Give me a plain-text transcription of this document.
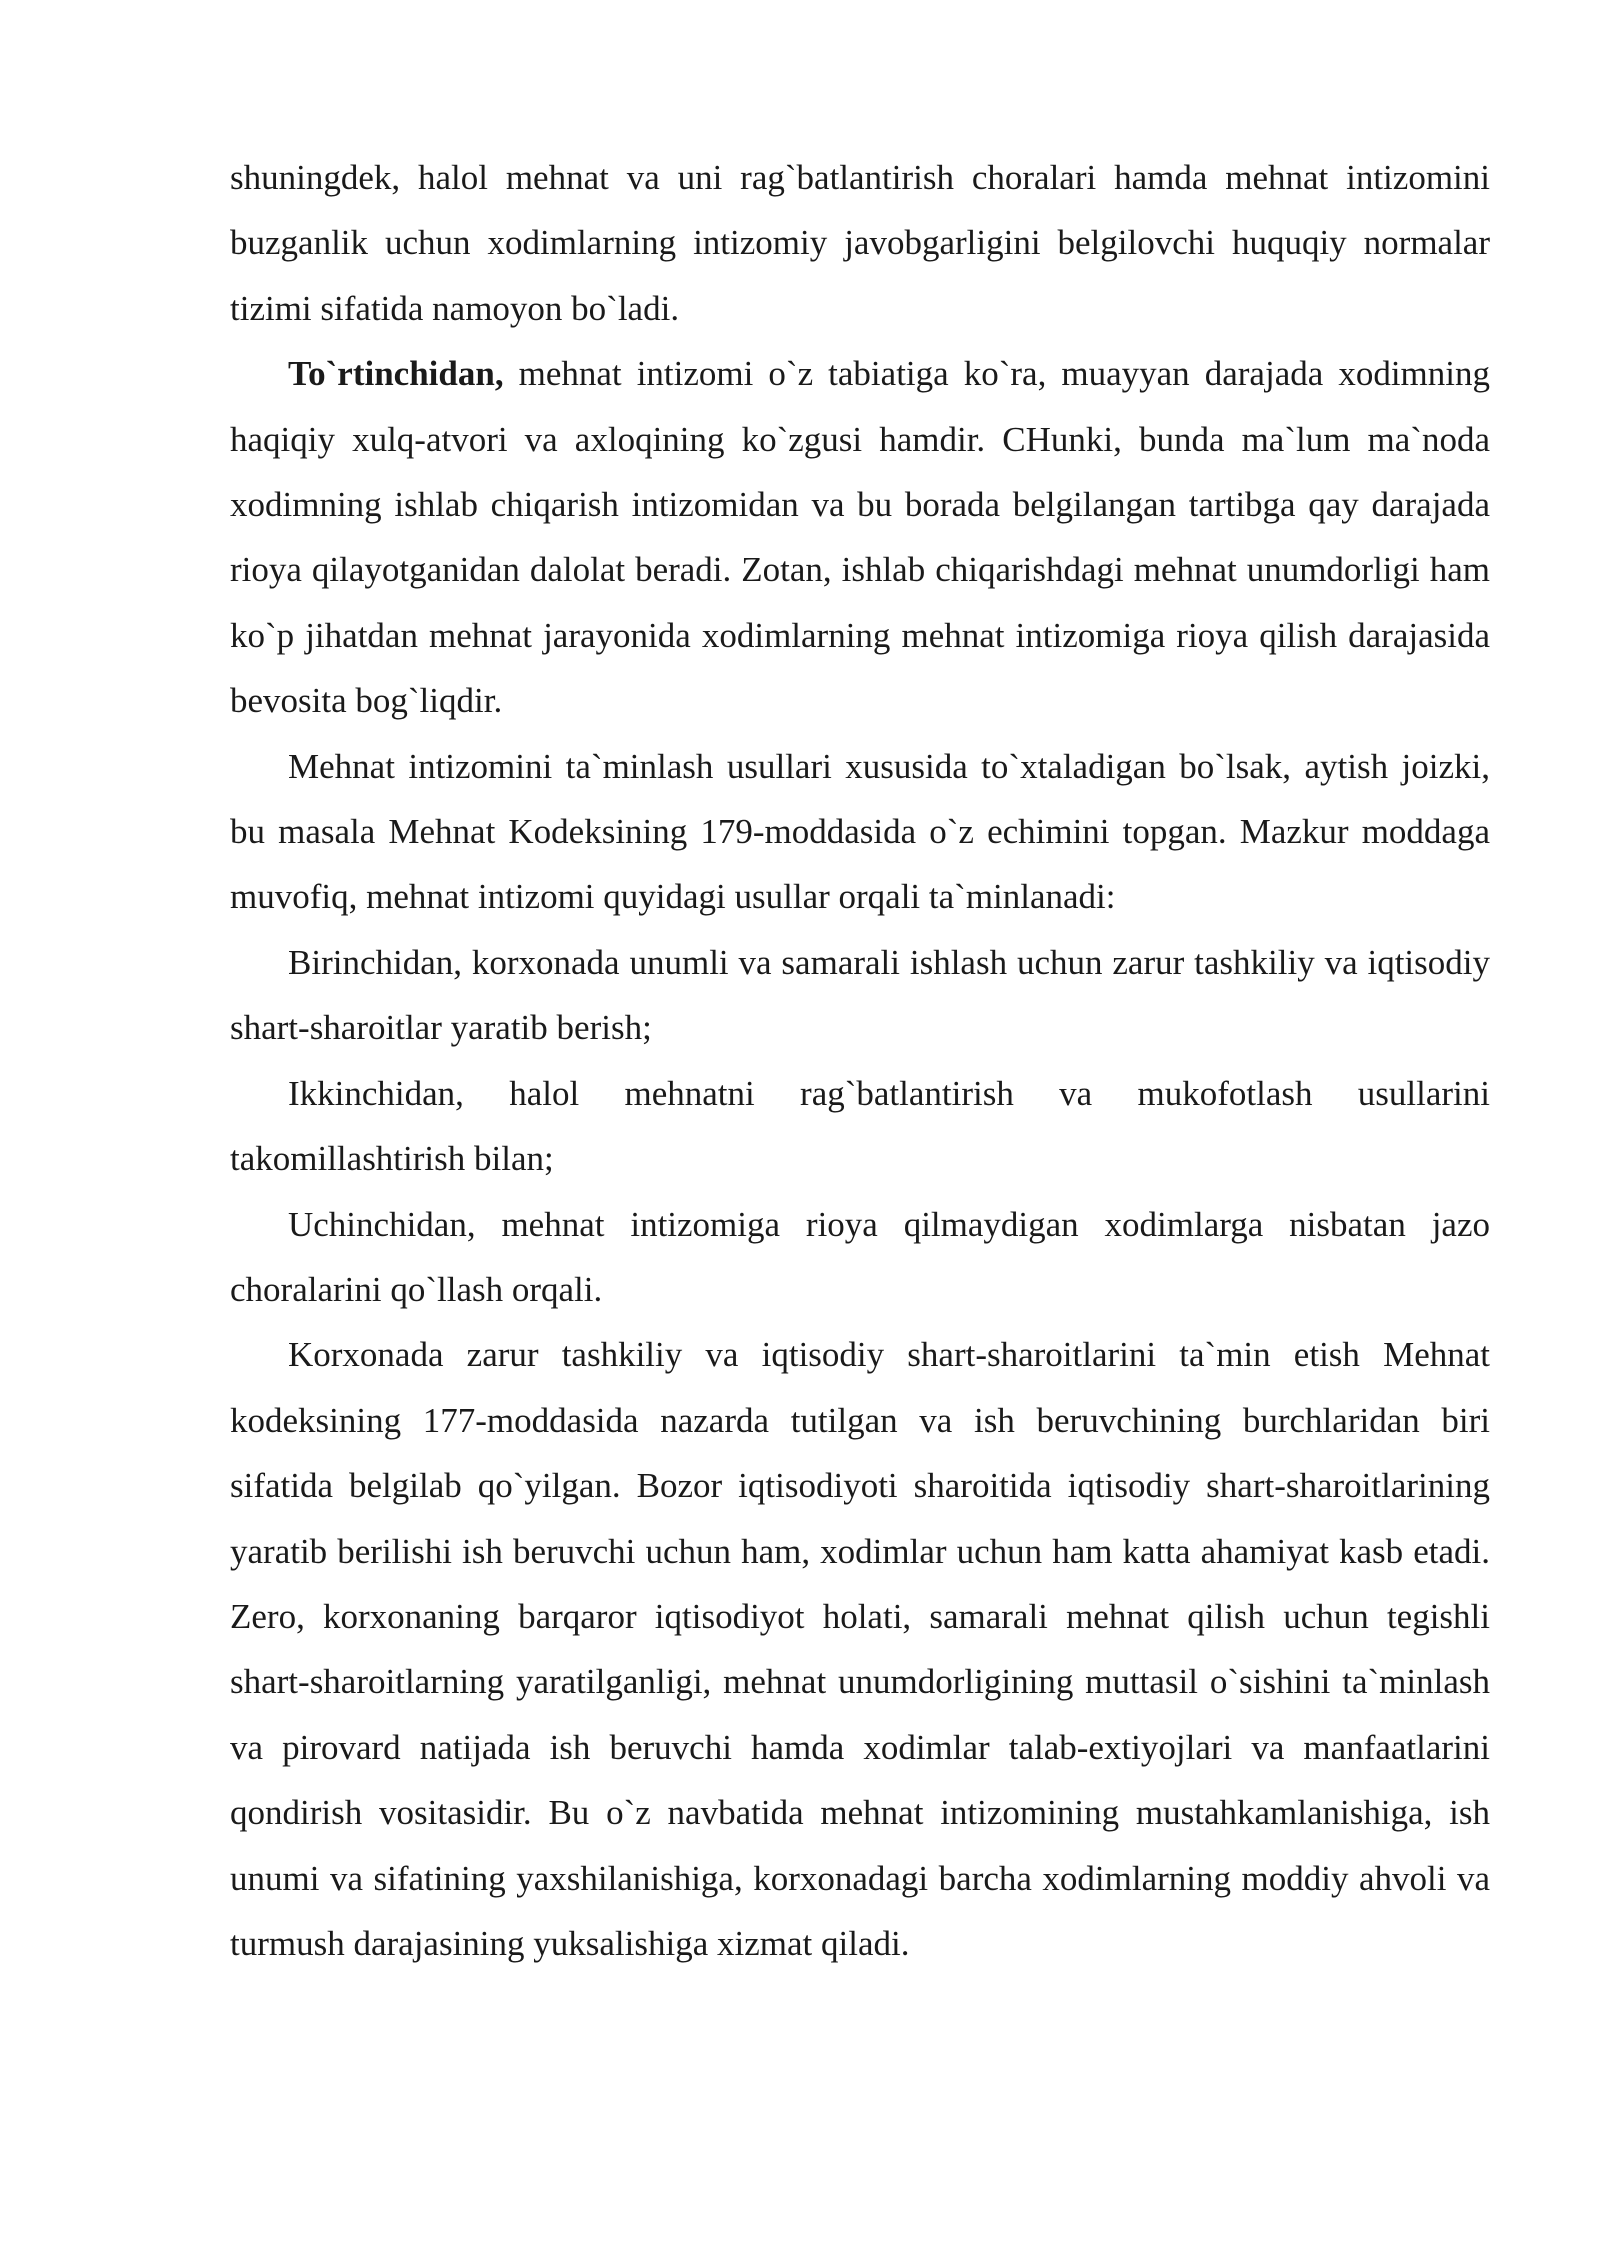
shuningdek, halol mehnat va uni rag`batlantirish choralari hamda mehnat intizomini buzganlik uchun xodimlarning intizomiy javobgarligini belgilovchi huquqiy normalar tizimi sifatida namoyon bo`ladi.

To`rtinchidan, mehnat intizomi o`z tabiatiga ko`ra, muayyan darajada xodimning haqiqiy xulq-atvori va axloqining ko`zgusi hamdir. CHunki, bunda ma`lum ma`noda xodimning ishlab chiqarish intizomidan va bu borada belgilangan tartibga qay darajada rioya qilayotganidan dalolat beradi. Zotan, ishlab chiqarishdagi mehnat unumdorligi ham ko`p jihatdan mehnat jarayonida xodimlarning mehnat intizomiga rioya qilish darajasida bevosita bog`liqdir.

Mehnat intizomini ta`minlash usullari xususida to`xtaladigan bo`lsak, aytish joizki, bu masala Mehnat Kodeksining 179-moddasida o`z echimini topgan. Mazkur moddaga muvofiq, mehnat intizomi quyidagi usullar orqali ta`minlanadi:

Birinchidan, korxonada unumli va samarali ishlash uchun zarur tashkiliy va iqtisodiy shart-sharoitlar yaratib berish;

Ikkinchidan, halol mehnatni rag`batlantirish va mukofotlash usullarini takomillashtirish bilan;

Uchinchidan, mehnat intizomiga rioya qilmaydigan xodimlarga nisbatan jazo choralarini qo`llash orqali.

Korxonada zarur tashkiliy va iqtisodiy shart-sharoitlarini ta`min etish Mehnat kodeksining 177-moddasida nazarda tutilgan va ish beruvchining burchlaridan biri sifatida belgilab qo`yilgan. Bozor iqtisodiyoti sharoitida iqtisodiy shart-sharoitlarining yaratib berilishi ish beruvchi uchun ham, xodimlar uchun ham katta ahamiyat kasb etadi. Zero, korxonaning barqaror iqtisodiyot holati, samarali mehnat qilish uchun tegishli shart-sharoitlarning yaratilganligi, mehnat unumdorligining muttasil o`sishini ta`minlash va pirovard natijada ish beruvchi hamda xodimlar talab-extiyojlari va manfaatlarini qondirish vositasidir. Bu o`z navbatida mehnat intizomining mustahkamlanishiga, ish unumi va sifatining yaxshilanishiga, korxonadagi barcha xodimlarning moddiy ahvoli va turmush darajasining yuksalishiga xizmat qiladi.
